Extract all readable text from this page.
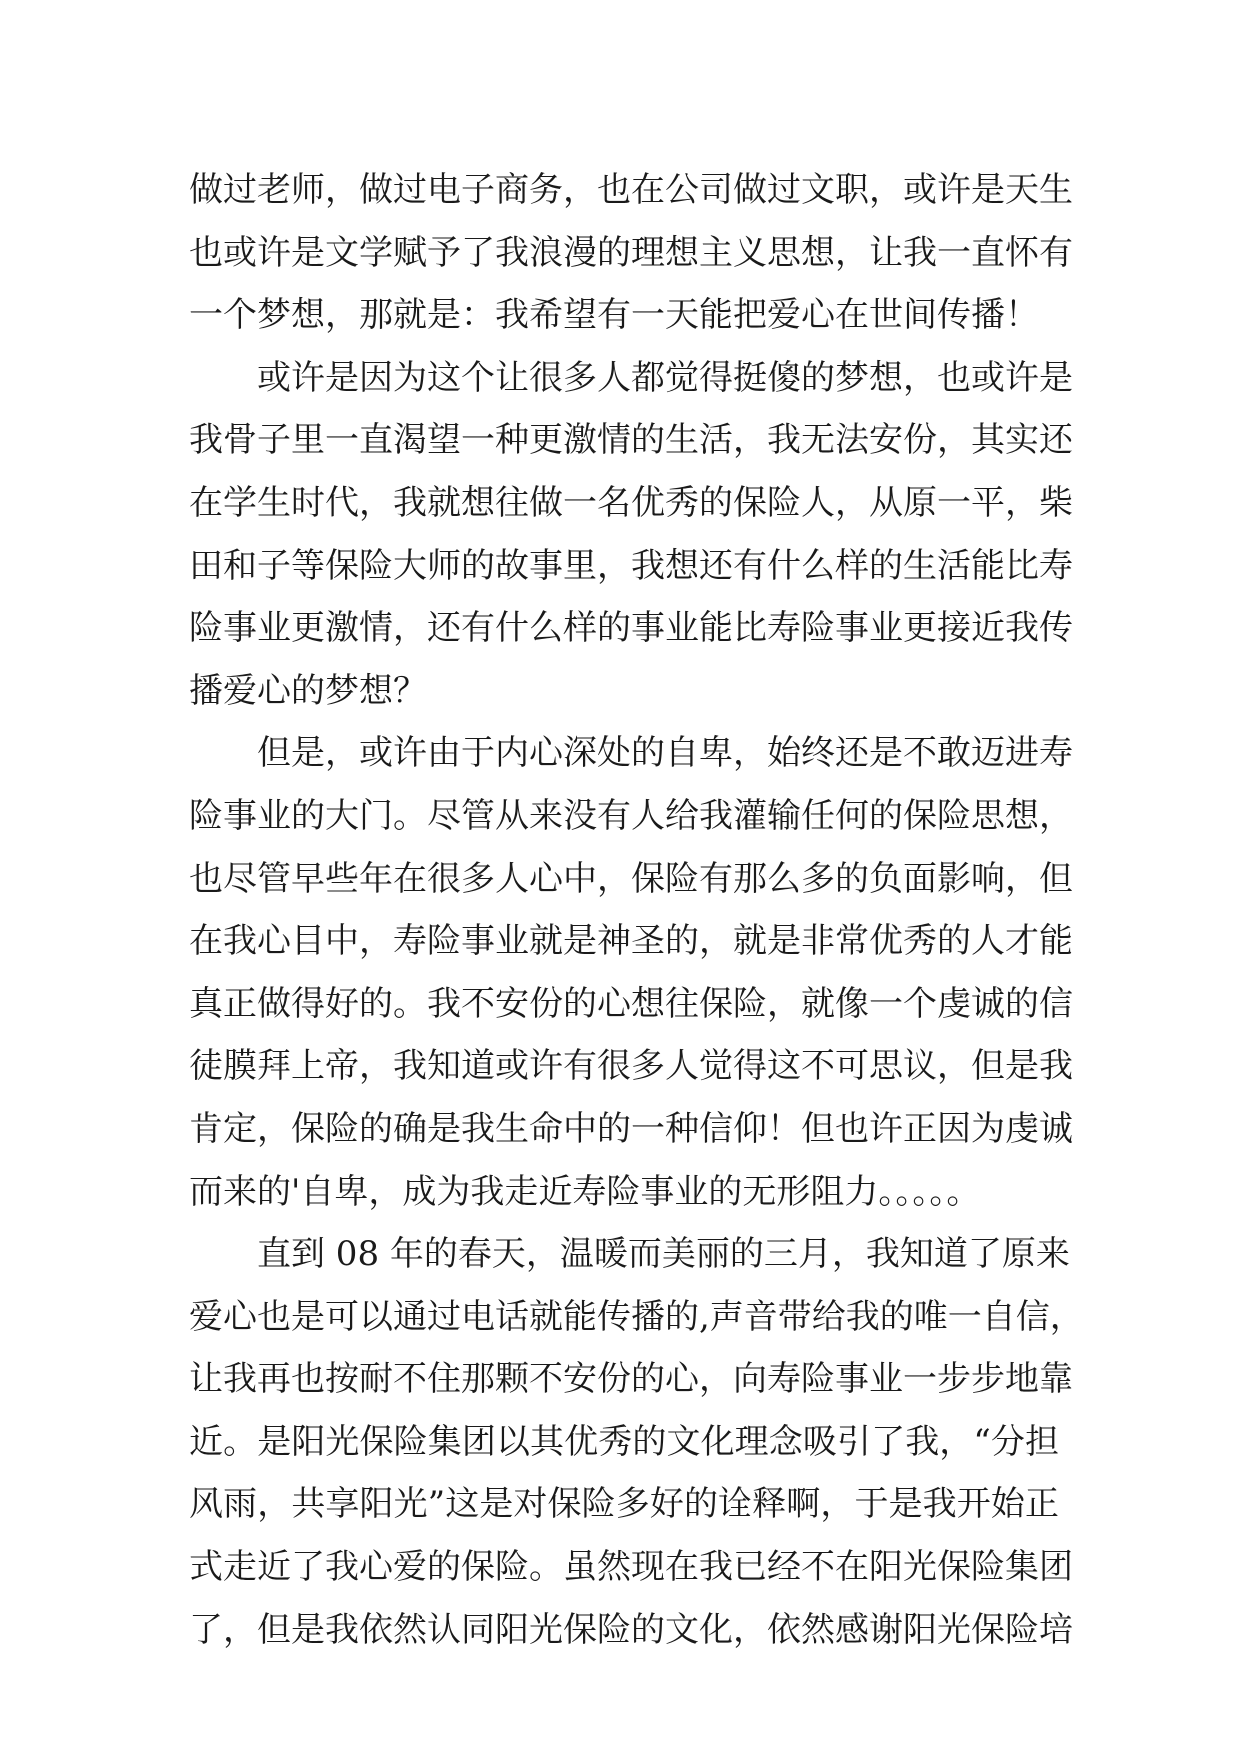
做过老师，做过电子商务，也在公司做过文职，或许是天生
也或许是文学赋予了我浪漫的理想主义思想，让我一直怀有
一个梦想，那就是：我希望有一天能把爱心在世间传播！
或许是因为这个让很多人都觉得挺傻的梦想，也或许是
我骨子里一直渴望一种更激情的生活，我无法安份，其实还
在学生时代，我就想往做一名优秀的保险人，从原一平，柴
田和子等保险大师的故事里，我想还有什么样的生活能比寿
险事业更激情，还有什么样的事业能比寿险事业更接近我传
播爱心的梦想？
但是，或许由于内心深处的自卑，始终还是不敢迈进寿
险事业的大门。尽管从来没有人给我灌输任何的保险思想，
也尽管早些年在很多人心中，保险有那么多的负面影响，但
在我心目中，寿险事业就是神圣的，就是非常优秀的人才能
真正做得好的。我不安份的心想往保险，就像一个虔诚的信
徒膜拜上帝，我知道或许有很多人觉得这不可思议，但是我
肯定，保险的确是我生命中的一种信仰！但也许正因为虔诚
而来的'自卑，成为我走近寿险事业的无形阻力。。。。。
直到 08 年的春天，温暖而美丽的三月，我知道了原来
爱心也是可以通过电话就能传播的,声音带给我的唯一自信，
让我再也按耐不住那颗不安份的心，向寿险事业一步步地靠
近。是阳光保险集团以其优秀的文化理念吸引了我，“分担
风雨，共享阳光”这是对保险多好的诠释啊，于是我开始正
式走近了我心爱的保险。虽然现在我已经不在阳光保险集团
了，但是我依然认同阳光保险的文化，依然感谢阳光保险培
